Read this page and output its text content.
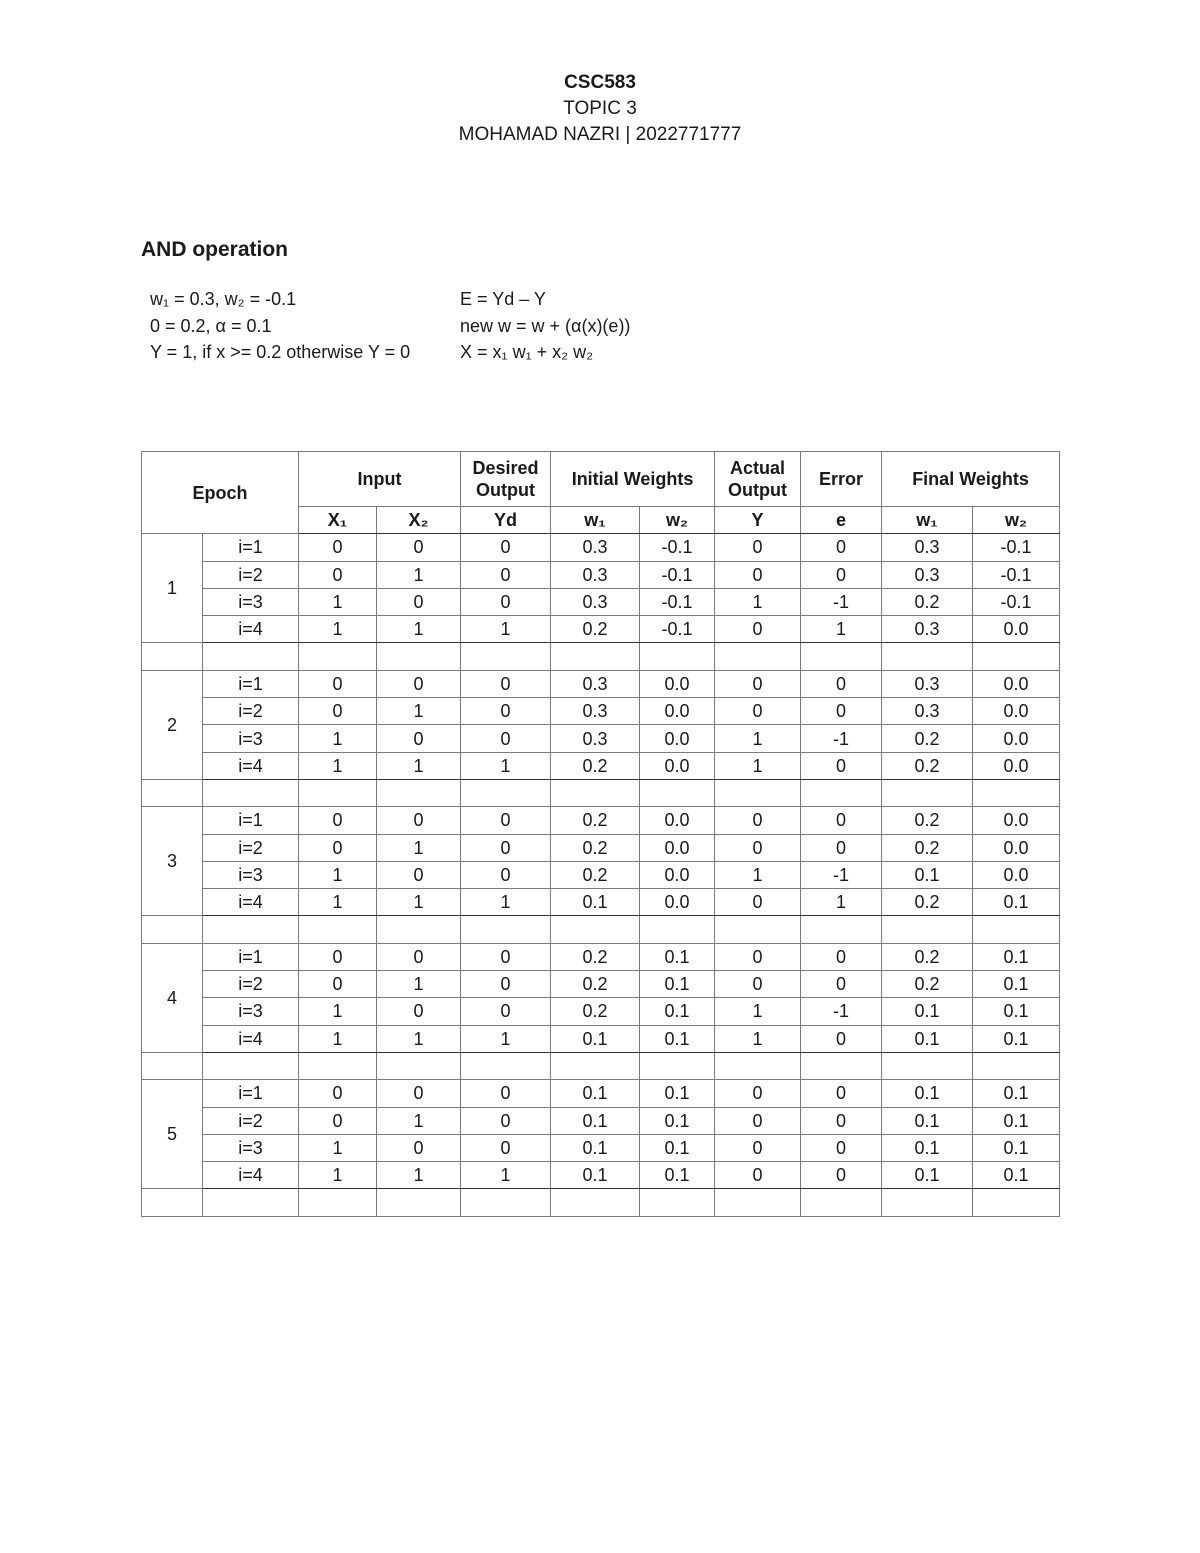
CSC583
TOPIC 3
MOHAMAD NAZRI | 2022771777
AND operation
w₁ = 0.3, w₂ = -0.1
0 = 0.2, α = 0.1
Y = 1, if x >= 0.2 otherwise Y = 0
E = Yd – Y
new w = w + (α(x)(e))
X = x₁ w₁ + x₂ w₂
Epoch		Input		Desired Output	Initial Weights		Actual Output	Error	Final Weights	
		X₁	X₂	Yd	w₁	w₂	Y	e	w₁	w₂
1	i=1	0	0	0	0.3	-0.1	0	0	0.3	-0.1
	i=2	0	1	0	0.3	-0.1	0	0	0.3	-0.1
	i=3	1	0	0	0.3	-0.1	1	-1	0.2	-0.1
	i=4	1	1	1	0.2	-0.1	0	1	0.3	0.0

2	i=1	0	0	0	0.3	0.0	0	0	0.3	0.0
	i=2	0	1	0	0.3	0.0	0	0	0.3	0.0
	i=3	1	0	0	0.3	0.0	1	-1	0.2	0.0
	i=4	1	1	1	0.2	0.0	1	0	0.2	0.0

3	i=1	0	0	0	0.2	0.0	0	0	0.2	0.0
	i=2	0	1	0	0.2	0.0	0	0	0.2	0.0
	i=3	1	0	0	0.2	0.0	1	-1	0.1	0.0
	i=4	1	1	1	0.1	0.0	0	1	0.2	0.1

4	i=1	0	0	0	0.2	0.1	0	0	0.2	0.1
	i=2	0	1	0	0.2	0.1	0	0	0.2	0.1
	i=3	1	0	0	0.2	0.1	1	-1	0.1	0.1
	i=4	1	1	1	0.1	0.1	1	0	0.1	0.1

5	i=1	0	0	0	0.1	0.1	0	0	0.1	0.1
	i=2	0	1	0	0.1	0.1	0	0	0.1	0.1
	i=3	1	0	0	0.1	0.1	0	0	0.1	0.1
	i=4	1	1	1	0.1	0.1	0	0	0.1	0.1
